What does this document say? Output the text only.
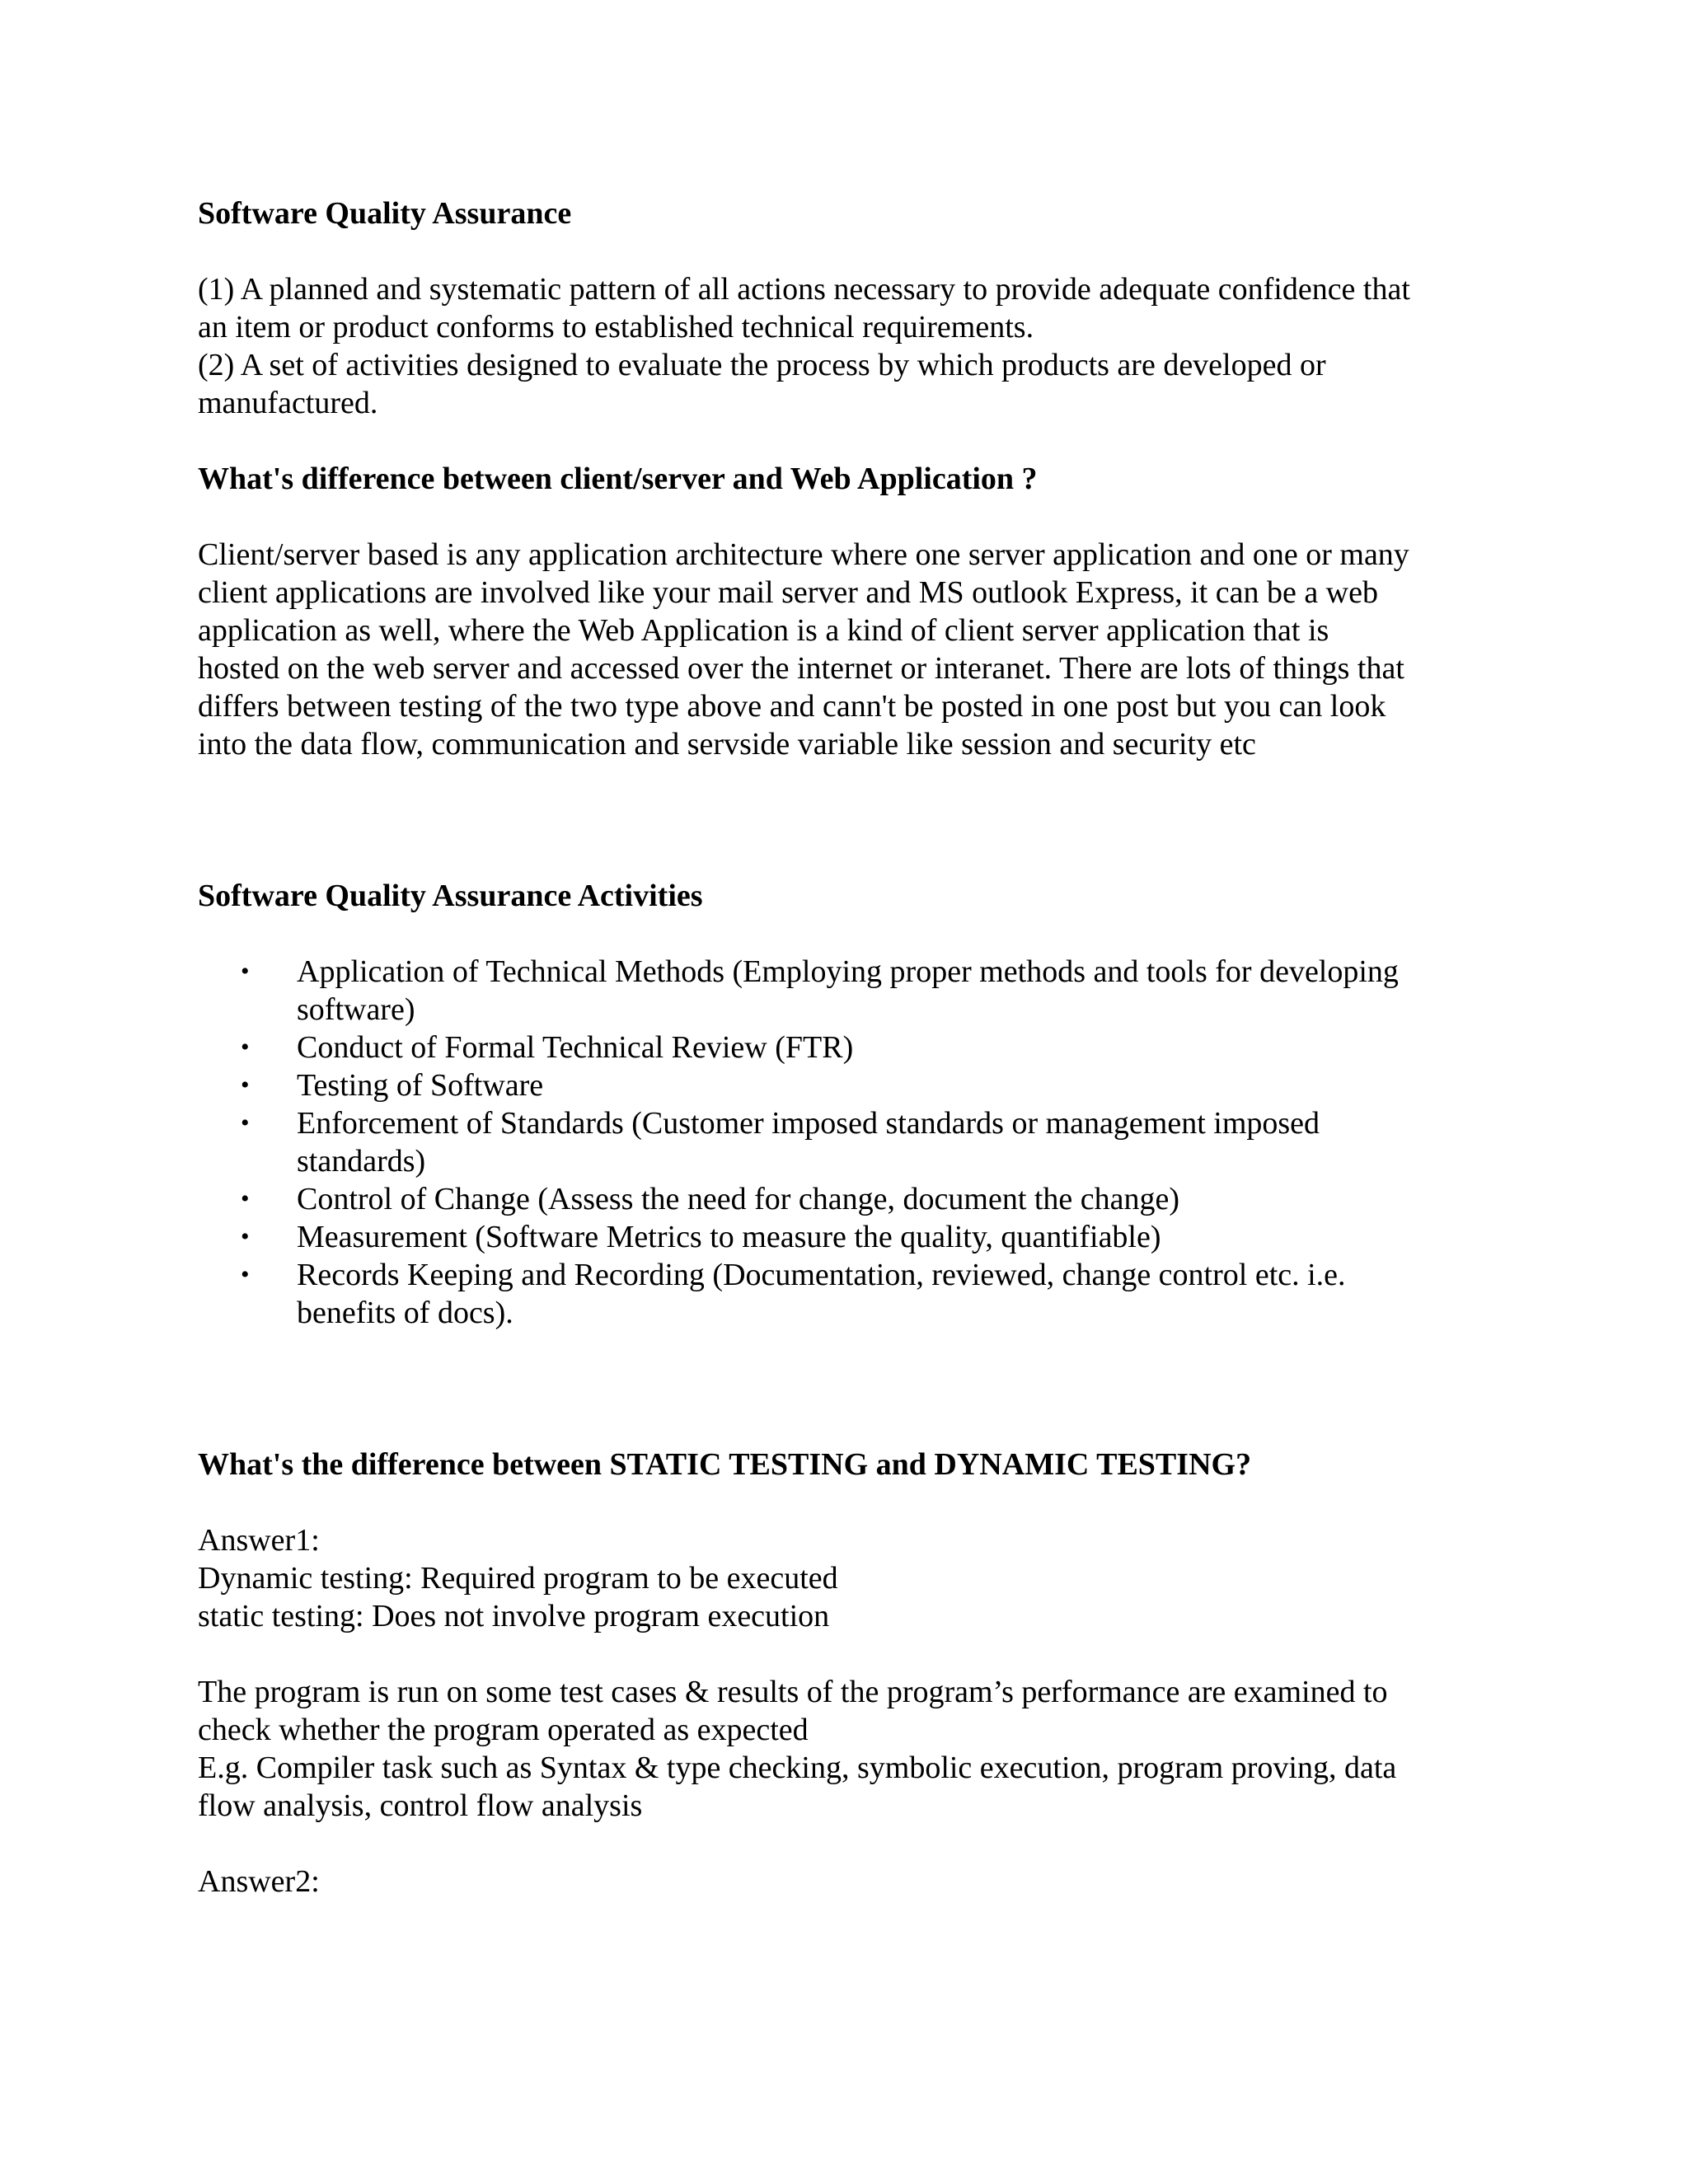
Software Quality Assurance

(1) A planned and systematic pattern of all actions necessary to provide adequate confidence that

an item or product conforms to established technical requirements.

(2) A set of activities designed to evaluate the process by which products are developed or

manufactured.

What's difference between client/server and Web Application ?

Client/server based is any application architecture where one server application and one or many

client applications are involved like your mail server and MS outlook Express, it can be a web

application as well, where the Web Application is a kind of client server application that is

hosted on the web server and accessed over the internet or interanet. There are lots of things that

differs between testing of the two type above and cann't be posted in one post but you can look

into the data flow, communication and servside variable like session and security etc

Software Quality Assurance Activities

• Application of Technical Methods (Employing proper methods and tools for developing

software)

• Conduct of Formal Technical Review (FTR)

• Testing of Software

• Enforcement of Standards (Customer imposed standards or management imposed

standards)

• Control of Change (Assess the need for change, document the change)

• Measurement (Software Metrics to measure the quality, quantifiable)

• Records Keeping and Recording (Documentation, reviewed, change control etc. i.e.

benefits of docs).

What's the difference between STATIC TESTING and DYNAMIC TESTING?

Answer1:

Dynamic testing: Required program to be executed

static testing: Does not involve program execution

The program is run on some test cases & results of the program’s performance are examined to

check whether the program operated as expected

E.g. Compiler task such as Syntax & type checking, symbolic execution, program proving, data

flow analysis, control flow analysis

Answer2:
